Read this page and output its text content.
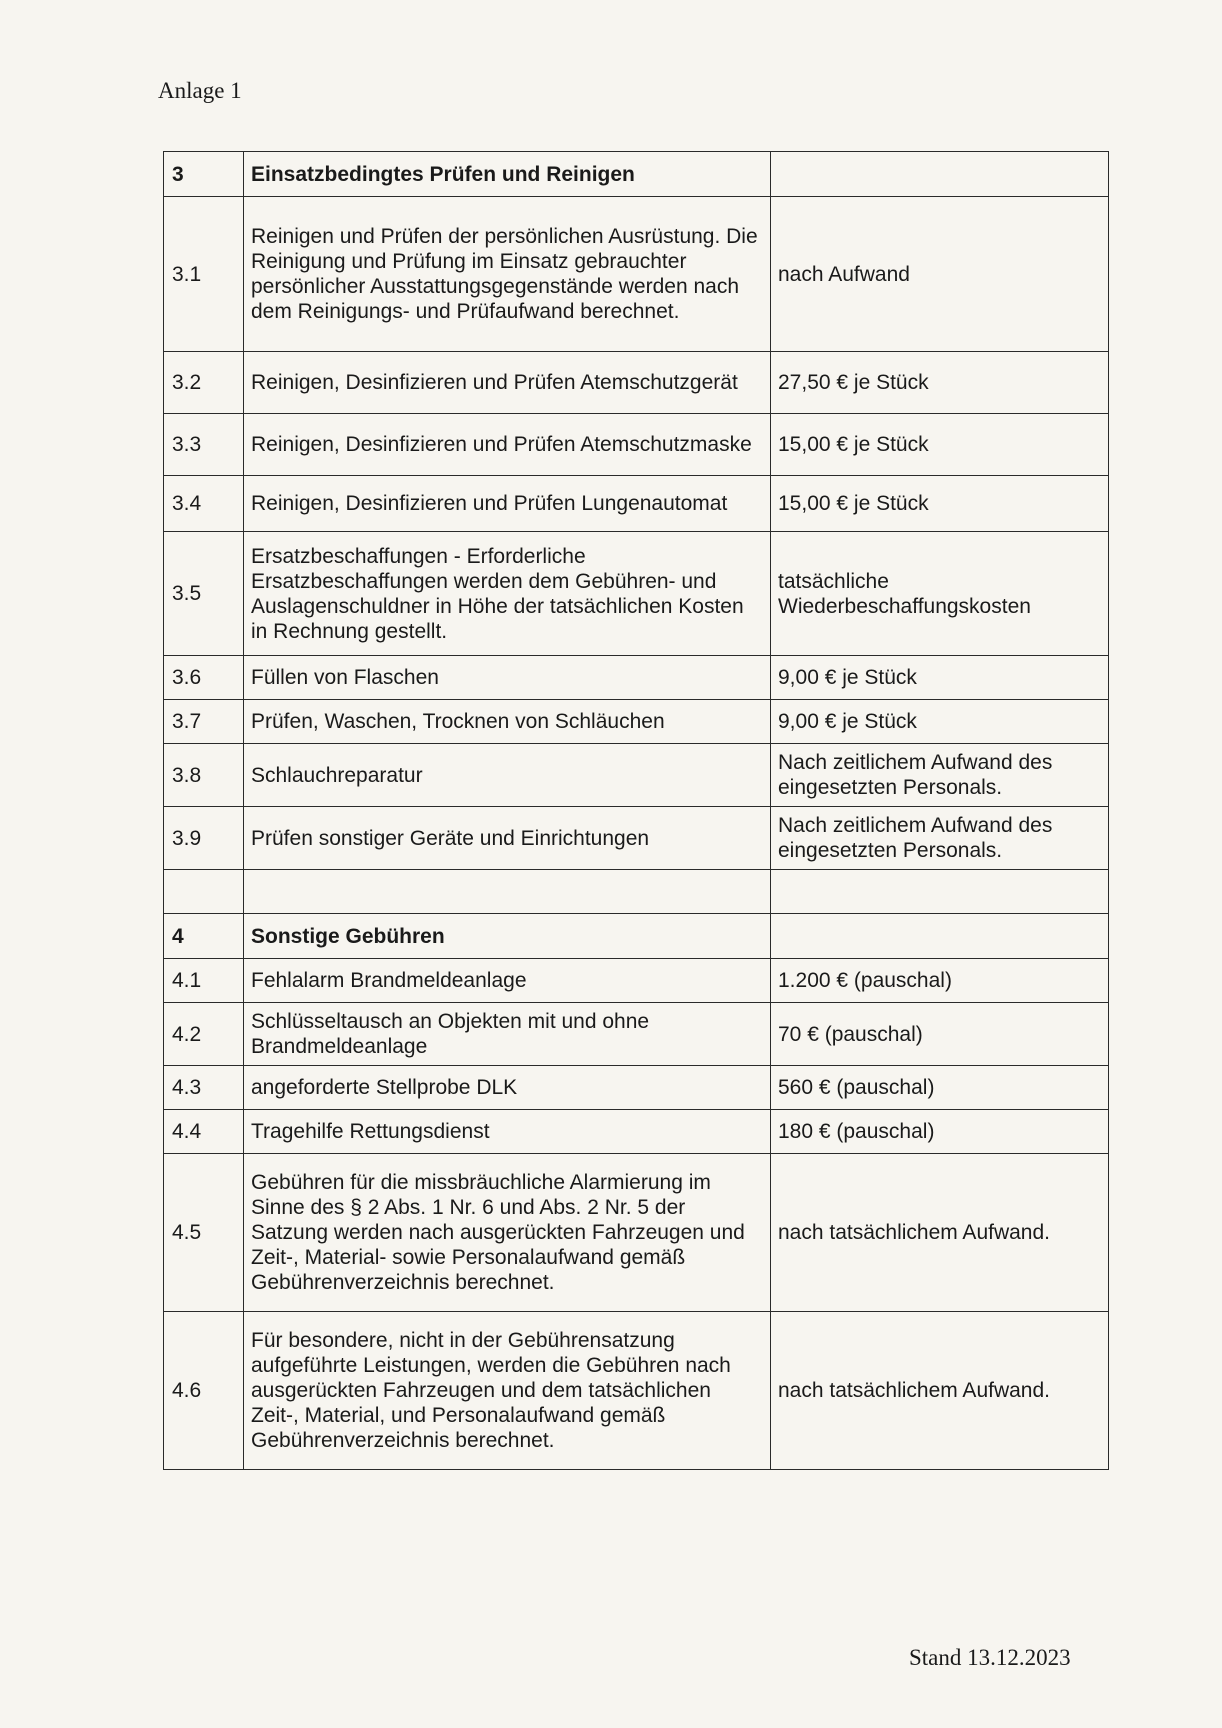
Anlage 1
3	Einsatzbedingtes Prüfen und Reinigen	
3.1	Reinigen und Prüfen der persönlichen Ausrüstung. Die Reinigung und Prüfung im Einsatz gebrauchter persönlicher Ausstattungsgegenstände werden nach dem Reinigungs- und Prüfaufwand berechnet.	nach Aufwand
3.2	Reinigen, Desinfizieren und Prüfen Atemschutzgerät	27,50 € je Stück
3.3	Reinigen, Desinfizieren und Prüfen Atemschutzmaske	15,00 € je Stück
3.4	Reinigen, Desinfizieren und Prüfen Lungenautomat	15,00 € je Stück
3.5	Ersatzbeschaffungen - Erforderliche Ersatzbeschaffungen werden dem Gebühren- und Auslagenschuldner in Höhe der tatsächlichen Kosten in Rechnung gestellt.	tatsächliche Wiederbeschaffungskosten
3.6	Füllen von Flaschen	9,00 € je Stück
3.7	Prüfen, Waschen, Trocknen von Schläuchen	9,00 € je Stück
3.8	Schlauchreparatur	Nach zeitlichem Aufwand des eingesetzten Personals.
3.9	Prüfen sonstiger Geräte und Einrichtungen	Nach zeitlichem Aufwand des eingesetzten Personals.

4	Sonstige Gebühren	
4.1	Fehlalarm Brandmeldeanlage	1.200 € (pauschal)
4.2	Schlüsseltausch an Objekten mit und ohne Brandmeldeanlage	70 € (pauschal)
4.3	angeforderte Stellprobe DLK	560 € (pauschal)
4.4	Tragehilfe Rettungsdienst	180 € (pauschal)
4.5	Gebühren für die missbräuchliche Alarmierung im Sinne des § 2 Abs. 1 Nr. 6 und Abs. 2 Nr. 5 der Satzung werden nach ausgerückten Fahrzeugen und Zeit-, Material- sowie Personalaufwand gemäß Gebührenverzeichnis berechnet.	nach tatsächlichem Aufwand.
4.6	Für besondere, nicht in der Gebührensatzung aufgeführte Leistungen, werden die Gebühren nach ausgerückten Fahrzeugen und dem tatsächlichen Zeit-, Material, und Personalaufwand gemäß Gebührenverzeichnis berechnet.	nach tatsächlichem Aufwand.
Stand 13.12.2023
